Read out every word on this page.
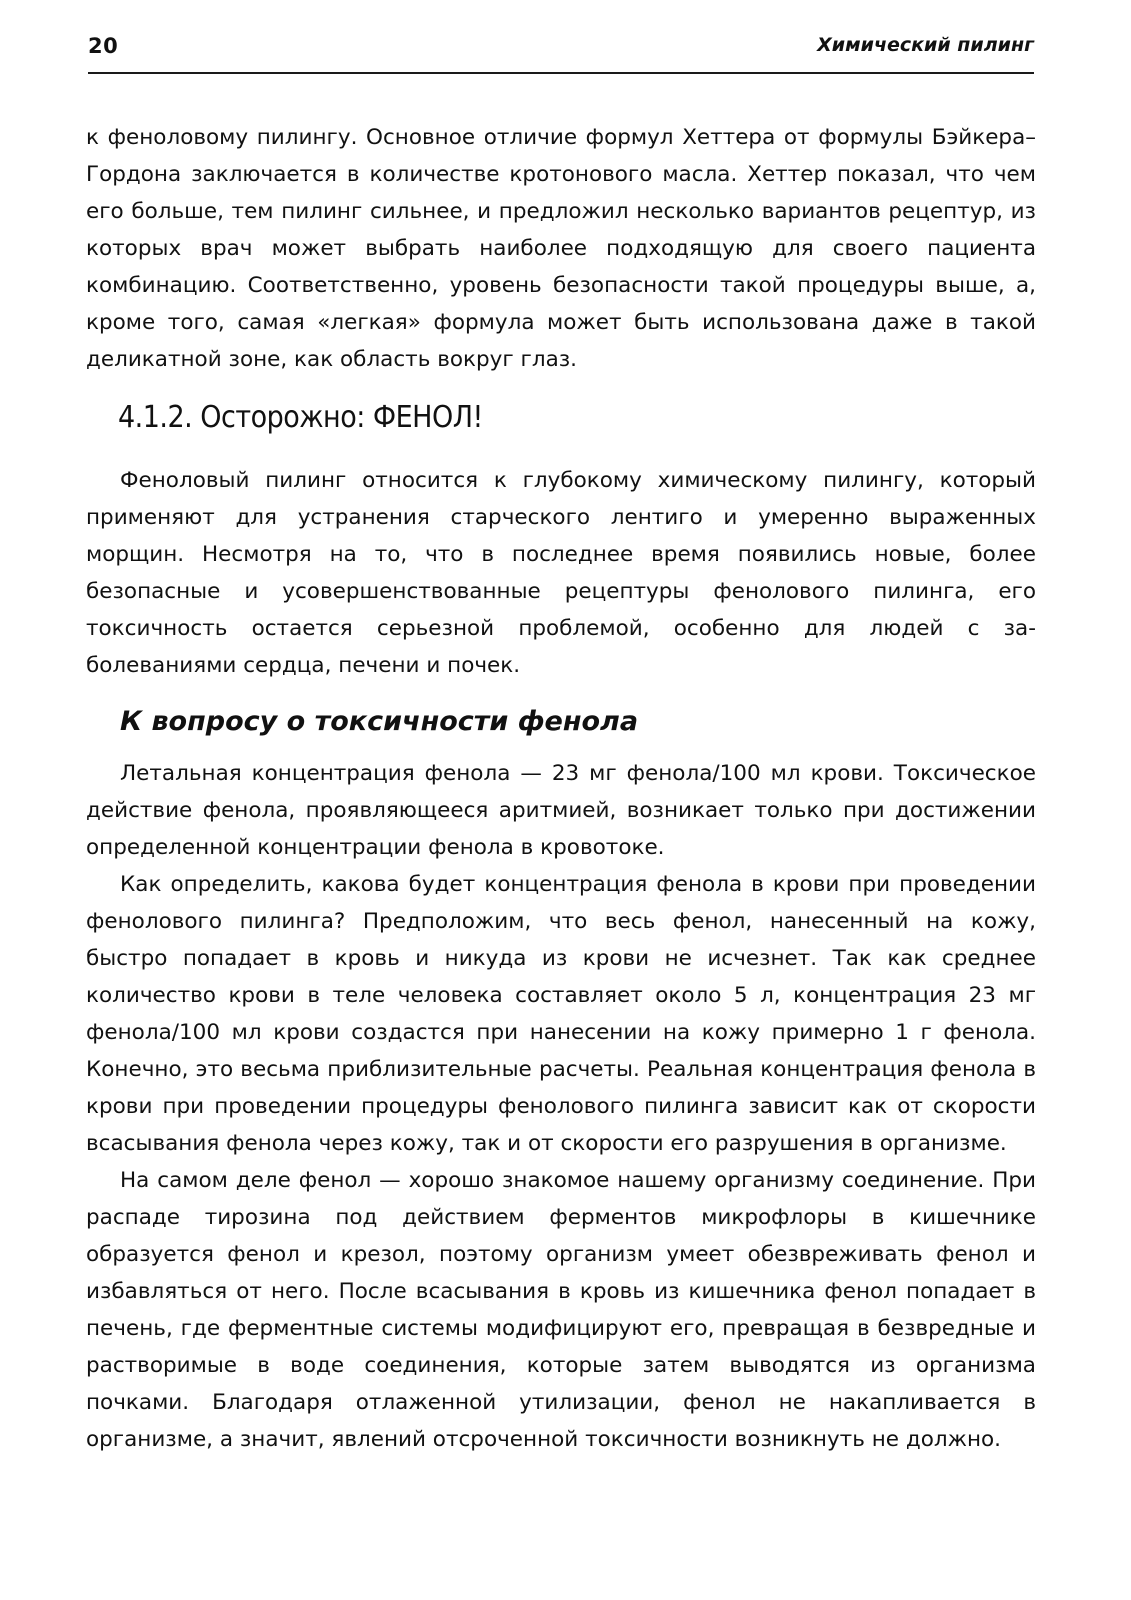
20	Химический пилинг

к феноловому пилингу. Основное отличие формул Хеттера от формулы Бэйкера–Гордона заключается в количестве кротонового масла. Хеттер показал, что чем его больше, тем пилинг сильнее, и предложил несколько вариантов рецептур, из которых врач может выбрать наиболее подходящую для своего пациента комбинацию. Соответственно, уровень безопасности такой процедуры выше, а, кроме того, самая «легкая» формула может быть использована даже в такой деликатной зоне, как область вокруг глаз.

4.1.2. Осторожно: ФЕНОЛ!

Феноловый пилинг относится к глубокому химическому пилингу, который применяют для устранения старческого лентиго и умеренно выраженных морщин. Несмотря на то, что в последнее время появились новые, более безопасные и усовершенствованные рецептуры фенолового пилинга, его токсичность остается серьезной проблемой, особенно для людей с заболеваниями сердца, печени и почек.

К вопросу о токсичности фенола

Летальная концентрация фенола — 23 мг фенола/100 мл крови. Токсическое действие фенола, проявляющееся аритмией, возникает только при достижении определенной концентрации фенола в кровотоке.

Как определить, какова будет концентрация фенола в крови при проведении фенолового пилинга? Предположим, что весь фенол, нанесенный на кожу, быстро попадает в кровь и никуда из крови не исчезнет. Так как среднее количество крови в теле человека составляет около 5 л, концентрация 23 мг фенола/100 мл крови создастся при нанесении на кожу примерно 1 г фенола. Конечно, это весьма приблизительные расчеты. Реальная концентрация фенола в крови при проведении процедуры фенолового пилинга зависит как от скорости всасывания фенола через кожу, так и от скорости его разрушения в организме.

На самом деле фенол — хорошо знакомое нашему организму соединение. При распаде тирозина под действием ферментов микрофлоры в кишечнике образуется фенол и крезол, поэтому организм умеет обезвреживать фенол и избавляться от него. После всасывания в кровь из кишечника фенол попадает в печень, где ферментные системы модифицируют его, превращая в безвредные и растворимые в воде соединения, которые затем выводятся из организма почками. Благодаря отлаженной утилизации, фенол не накапливается в организме, а значит, явлений отсроченной токсичности возникнуть не должно.
